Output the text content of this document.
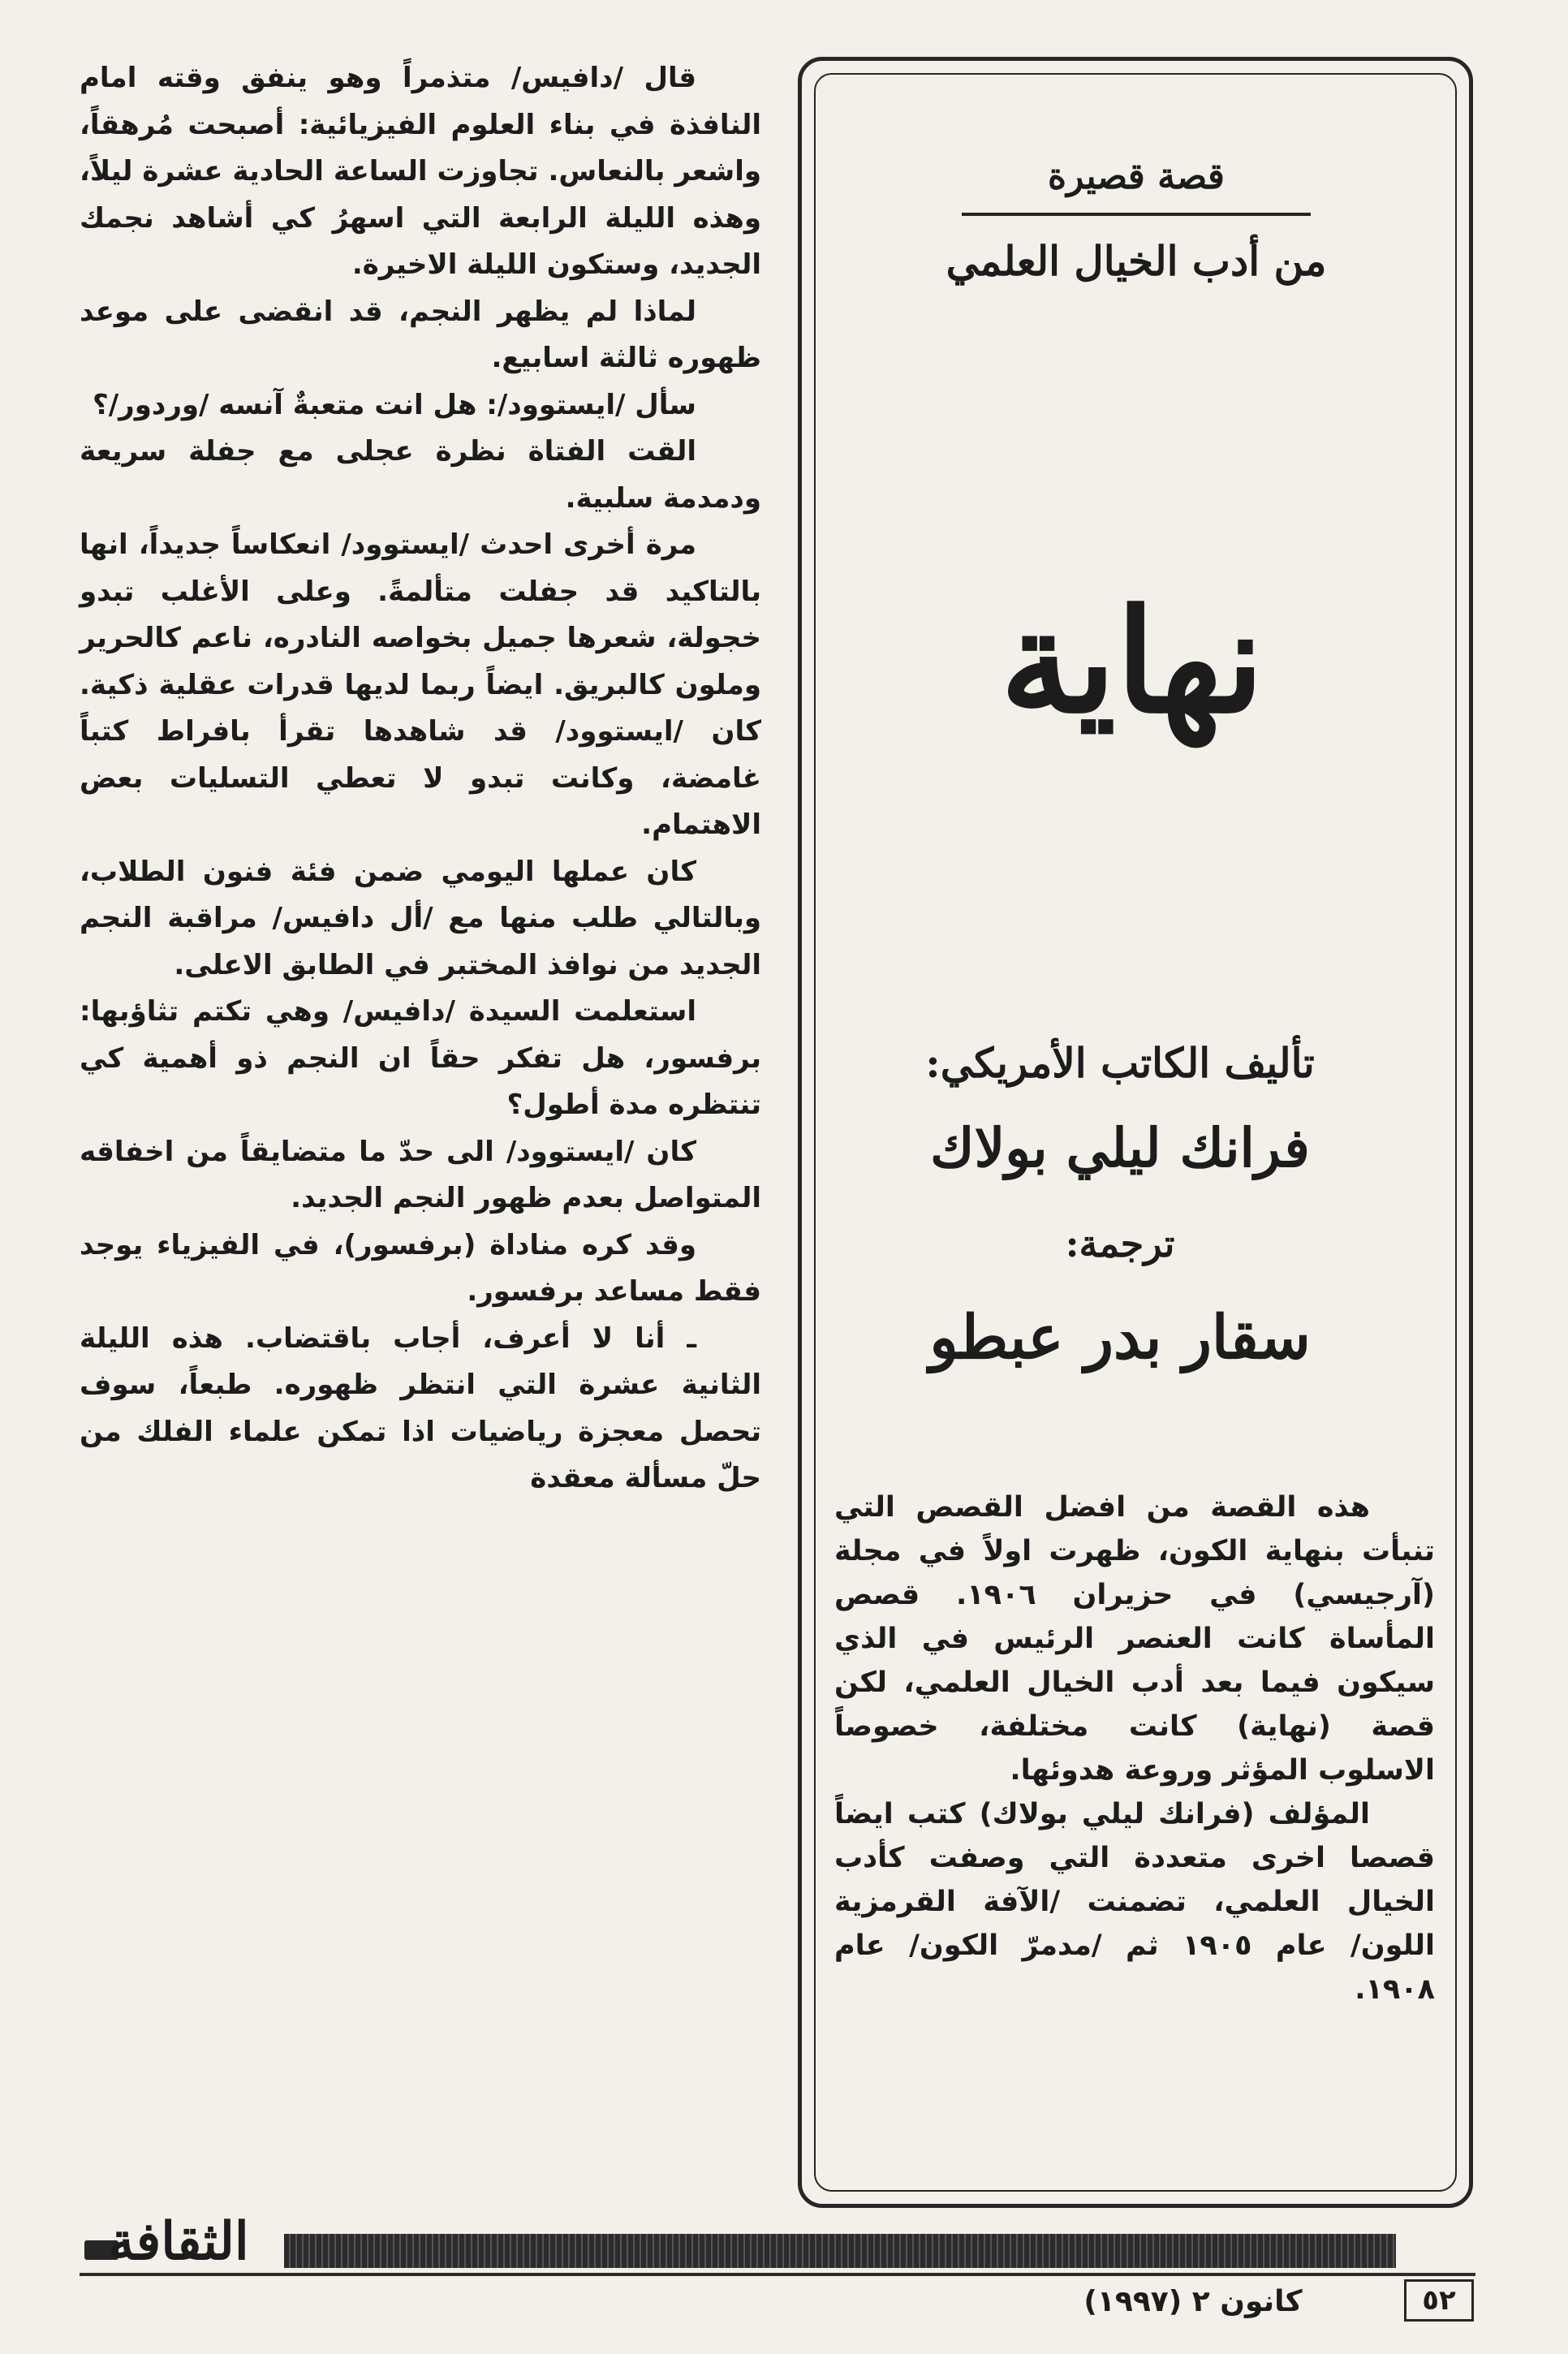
قصة قصيرة
من أدب الخيال العلمي
نهاية
تأليف الكاتب الأمريكي:
فرانك ليلي بولاك
ترجمة:
سقار بدر عبطو

هذه القصة من افضل القصص التي تنبأت بنهاية الكون، ظهرت اولاً في مجلة (آرجيسي) في حزيران ١٩٠٦. قصص المأساة كانت العنصر الرئيس في الذي سيكون فيما بعد أدب الخيال العلمي، لكن قصة (نهاية) كانت مختلفة، خصوصاً الاسلوب المؤثر وروعة هدوئها.

المؤلف (فرانك ليلي بولاك) كتب ايضاً قصصا اخرى متعددة التي وصفت كأدب الخيال العلمي، تضمنت /الآفة القرمزية اللون/ عام ١٩٠٥ ثم /مدمرّ الكون/ عام ١٩٠٨.

قال /دافيس/ متذمراً وهو ينفق وقته امام النافذة في بناء العلوم الفيزيائية: أصبحت مُرهقاً، واشعر بالنعاس. تجاوزت الساعة الحادية عشرة ليلاً، وهذه الليلة الرابعة التي اسهرُ كي أشاهد نجمك الجديد، وستكون الليلة الاخيرة.

لماذا لم يظهر النجم، قد انقضى على موعد ظهوره ثالثة اسابيع.

سأل /ايستوود/: هل انت متعبةٌ آنسه /وردور/؟

القت الفتاة نظرة عجلى مع جفلة سريعة ودمدمة سلبية.

مرة أخرى احدث /ايستوود/ انعكاساً جديداً، انها بالتاكيد قد جفلت متألمةً. وعلى الأغلب تبدو خجولة، شعرها جميل بخواصه النادره، ناعم كالحرير وملون كالبريق. ايضاً ربما لديها قدرات عقلية ذكية. كان /ايستوود/ قد شاهدها تقرأ بافراط كتباً غامضة، وكانت تبدو لا تعطي التسليات بعض الاهتمام.

كان عملها اليومي ضمن فئة فنون الطلاب، وبالتالي طلب منها مع /أل دافيس/ مراقبة النجم الجديد من نوافذ المختبر في الطابق الاعلى.

استعلمت السيدة /دافيس/ وهي تكتم تثاؤبها: برفسور، هل تفكر حقاً ان النجم ذو أهمية كي تنتظره مدة أطول؟

كان /ايستوود/ الى حدّ ما متضايقاً من اخفاقه المتواصل بعدم ظهور النجم الجديد.

وقد كره مناداة (برفسور)، في الفيزياء يوجد فقط مساعد برفسور.

ـ أنا لا أعرف، أجاب باقتضاب. هذه الليلة الثانية عشرة التي انتظر ظهوره. طبعاً، سوف تحصل معجزة رياضيات اذا تمكن علماء الفلك من حلّ مسألة معقدة

الثقافة
كانون ٢ (١٩٩٧)	٥٢
